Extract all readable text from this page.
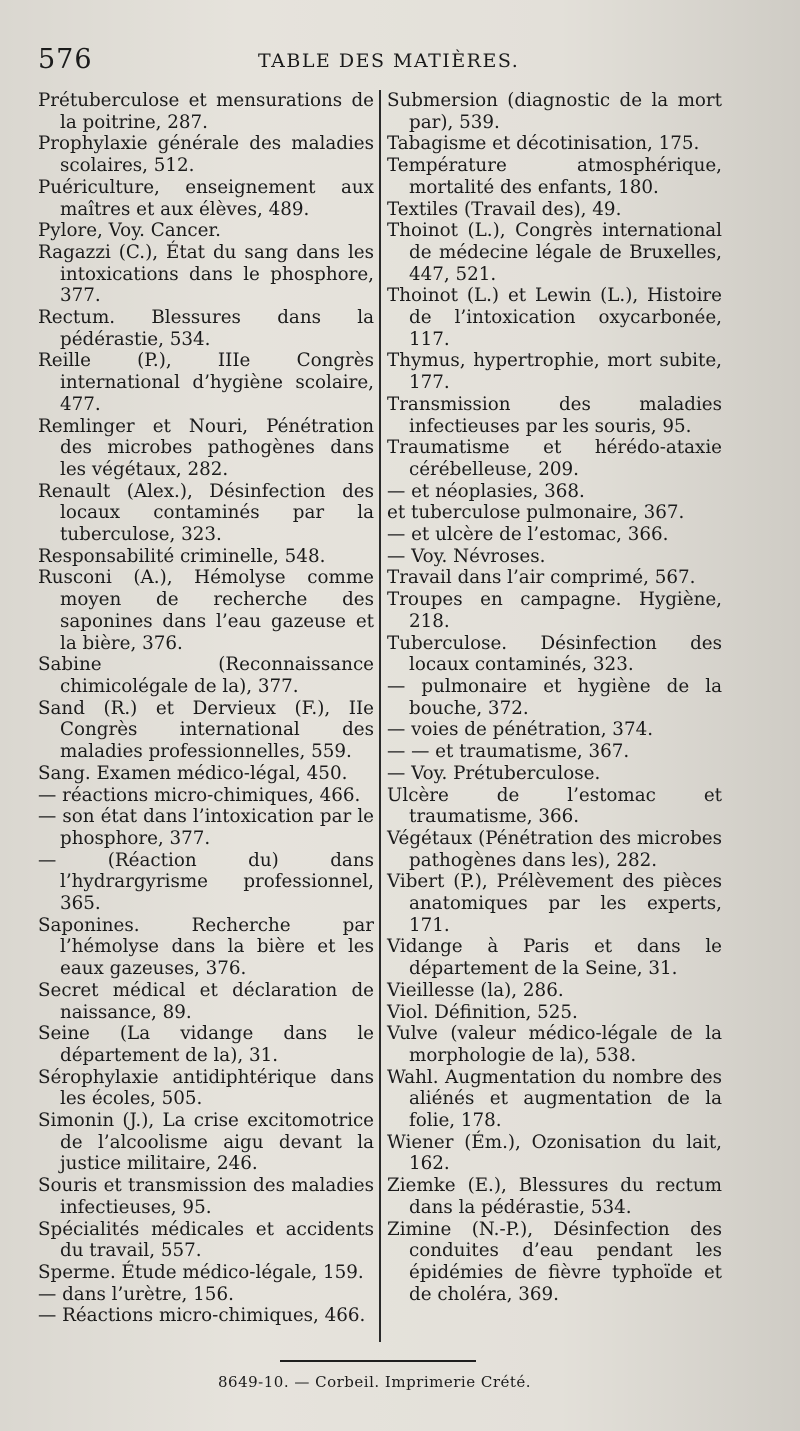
576	TABLE DES MATIÈRES.
Prétuberculose et mensurations de la poitrine, 287.
Prophylaxie générale des maladies scolaires, 512.
Puériculture, enseignement aux maîtres et aux élèves, 489.
Pylore, Voy. Cancer.
Ragazzi (C.), État du sang dans les intoxications dans le phosphore, 377.
Rectum. Blessures dans la pédérastie, 534.
Reille (P.), IIIe Congrès international d’hygiène scolaire, 477.
Remlinger et Nouri, Pénétration des microbes pathogènes dans les végétaux, 282.
Renault (Alex.), Désinfection des locaux contaminés par la tuberculose, 323.
Responsabilité criminelle, 548.
Rusconi (A.), Hémolyse comme moyen de recherche des saponines dans l’eau gazeuse et la bière, 376.
Sabine (Reconnaissance chimicolégale de la), 377.
Sand (R.) et Dervieux (F.), IIe Congrès international des maladies professionnelles, 559.
Sang. Examen médico-légal, 450.
— réactions micro-chimiques, 466.
— son état dans l’intoxication par le phosphore, 377.
— (Réaction du) dans l’hydrargyrisme professionnel, 365.
Saponines. Recherche par l’hémolyse dans la bière et les eaux gazeuses, 376.
Secret médical et déclaration de naissance, 89.
Seine (La vidange dans le département de la), 31.
Sérophylaxie antidiphtérique dans les écoles, 505.
Simonin (J.), La crise excitomotrice de l’alcoolisme aigu devant la justice militaire, 246.
Souris et transmission des maladies infectieuses, 95.
Spécialités médicales et accidents du travail, 557.
Sperme. Étude médico-légale, 159.
— dans l’urètre, 156.
— Réactions micro-chimiques, 466.
Submersion (diagnostic de la mort par), 539.
Tabagisme et décotinisation, 175.
Température atmosphérique, mortalité des enfants, 180.
Textiles (Travail des), 49.
Thoinot (L.), Congrès international de médecine légale de Bruxelles, 447, 521.
Thoinot (L.) et Lewin (L.), Histoire de l’intoxication oxycarbonée, 117.
Thymus, hypertrophie, mort subite, 177.
Transmission des maladies infectieuses par les souris, 95.
Traumatisme et hérédo-ataxie cérébelleuse, 209.
— et néoplasies, 368.
et tuberculose pulmonaire, 367.
— et ulcère de l’estomac, 366.
— Voy. Névroses.
Travail dans l’air comprimé, 567.
Troupes en campagne. Hygiène, 218.
Tuberculose. Désinfection des locaux contaminés, 323.
— pulmonaire et hygiène de la bouche, 372.
— voies de pénétration, 374.
— — et traumatisme, 367.
— Voy. Prétuberculose.
Ulcère de l’estomac et traumatisme, 366.
Végétaux (Pénétration des microbes pathogènes dans les), 282.
Vibert (P.), Prélèvement des pièces anatomiques par les experts, 171.
Vidange à Paris et dans le département de la Seine, 31.
Vieillesse (la), 286.
Viol. Définition, 525.
Vulve (valeur médico-légale de la morphologie de la), 538.
Wahl. Augmentation du nombre des aliénés et augmentation de la folie, 178.
Wiener (Ém.), Ozonisation du lait, 162.
Ziemke (E.), Blessures du rectum dans la pédérastie, 534.
Zimine (N.-P.), Désinfection des conduites d’eau pendant les épidémies de fièvre typhoïde et de choléra, 369.
8649-10. — Corbeil. Imprimerie Crété.
